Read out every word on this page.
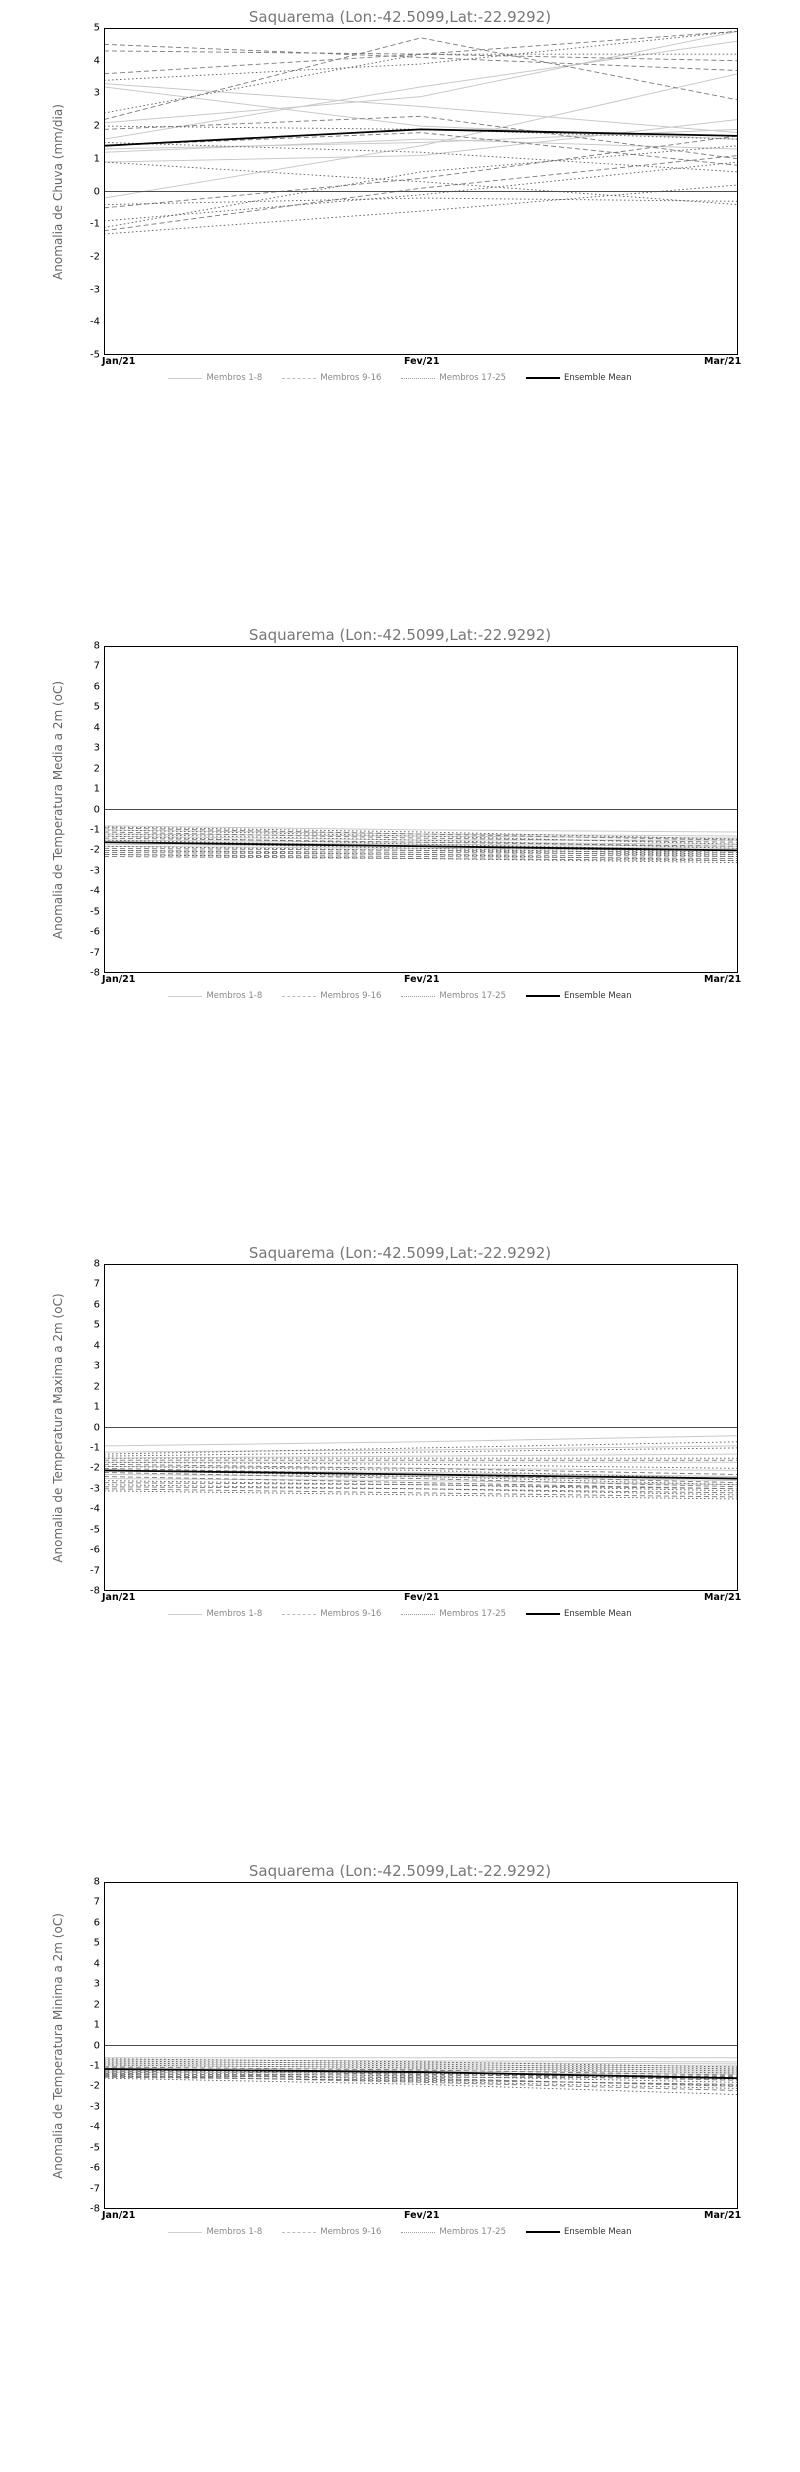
Saquarema (Lon:-42.5099,Lat:-22.9292)
Anomalia de Chuva (mm/dia)
-5
-4
-3
-2
-1
0
1
2
3
4
5
Jan/21	Fev/21	Mar/21
Membros 1-8	Membros 9-16	Membros 17-25	Ensemble Mean
Saquarema (Lon:-42.5099,Lat:-22.9292)
Anomalia de Temperatura Media a 2m (oC)
-8
-7
-6
-5
-4
-3
-2
-1
0
1
2
3
4
5
6
7
8
Jan/21	Fev/21	Mar/21
Membros 1-8	Membros 9-16	Membros 17-25	Ensemble Mean
Saquarema (Lon:-42.5099,Lat:-22.9292)
Anomalia de Temperatura Maxima a 2m (oC)
-8
-7
-6
-5
-4
-3
-2
-1
0
1
2
3
4
5
6
7
8
Jan/21	Fev/21	Mar/21
Membros 1-8	Membros 9-16	Membros 17-25	Ensemble Mean
Saquarema (Lon:-42.5099,Lat:-22.9292)
Anomalia de Temperatura Minima a 2m (oC)
-8
-7
-6
-5
-4
-3
-2
-1
0
1
2
3
4
5
6
7
8
Jan/21	Fev/21	Mar/21
Membros 1-8	Membros 9-16	Membros 17-25	Ensemble Mean
